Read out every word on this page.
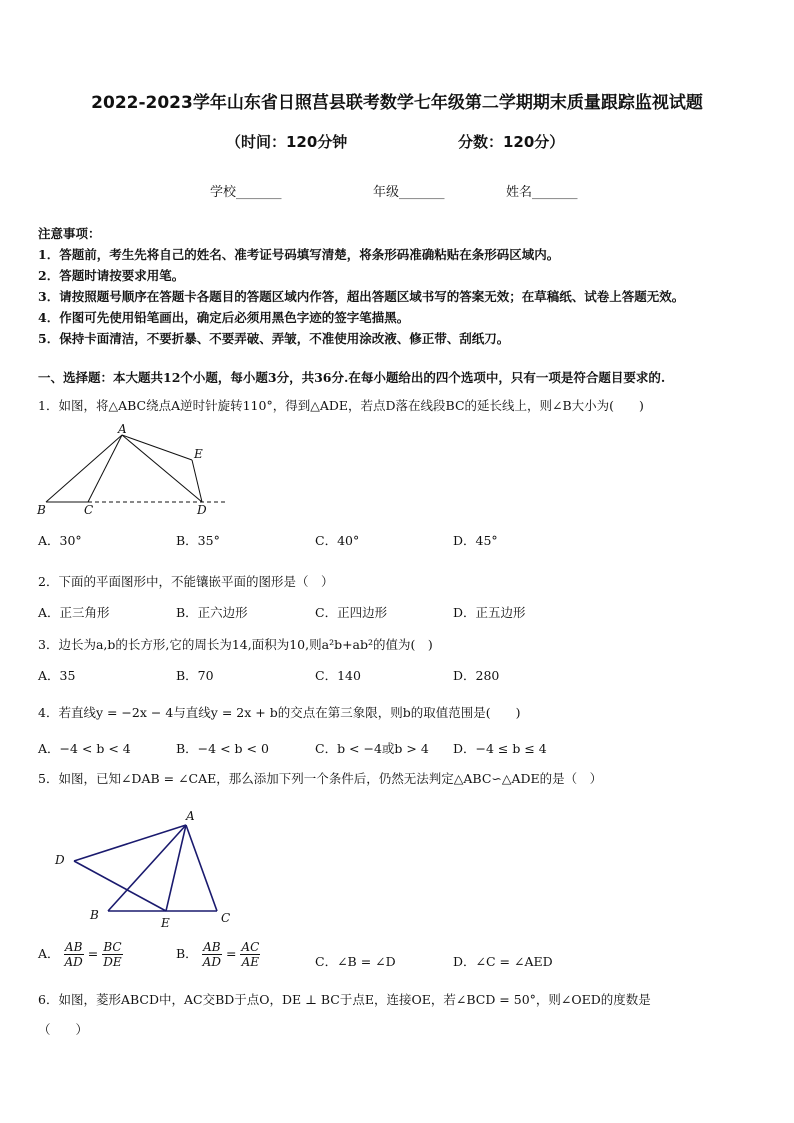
2022-2023学年山东省日照莒县联考数学七年级第二学期期末质量跟踪监视试题
（时间：120分钟	分数：120分）
学校_______	年级_______	姓名_______
注意事项：
1．答题前，考生先将自己的姓名、准考证号码填写清楚，将条形码准确粘贴在条形码区域内。
2．答题时请按要求用笔。
3．请按照题号顺序在答题卡各题目的答题区域内作答，超出答题区域书写的答案无效；在草稿纸、试卷上答题无效。
4．作图可先使用铅笔画出，确定后必须用黑色字迹的签字笔描黑。
5．保持卡面清洁，不要折暴、不要弄破、弄皱，不准使用涂改液、修正带、刮纸刀。
一、选择题：本大题共12个小题，每小题3分，共36分.在每小题给出的四个选项中，只有一项是符合题目要求的.
1．如图，将△ABC绕点A逆时针旋转110°，得到△ADE，若点D落在线段BC的延长线上，则∠B大小为(　　)
A
B	C	D
E
A．30°	B．35°	C．40°	D．45°
2．下面的平面图形中，不能镶嵌平面的图形是（　）
A．正三角形	B．正六边形	C．正四边形	D．正五边形
3．边长为a,b的长方形,它的周长为14,面积为10,则a²b+ab²的值为(　)
A．35	B．70	C．140	D．280
4．若直线y = −2x − 4与直线y = 2x + b的交点在第三象限，则b的取值范围是(　　)
A．−4 < b < 4	B．−4 < b < 0	C．b < −4或b > 4 D．−4 ≤ b ≤ 4
5．如图，已知∠DAB = ∠CAE，那么添加下列一个条件后，仍然无法判定△ABC∽△ADE的是（　）
A
D
B
E	C
A． $\frac{AB}{AD} = \frac{BC}{DE}$	B． $\frac{AB}{AD} = \frac{AC}{AE}$	C．∠B = ∠D	D．∠C = ∠AED
6．如图，菱形ABCD中，AC交BD于点O，DE ⊥ BC于点E，连接OE，若∠BCD = 50°，则∠OED的度数是
（　　）
